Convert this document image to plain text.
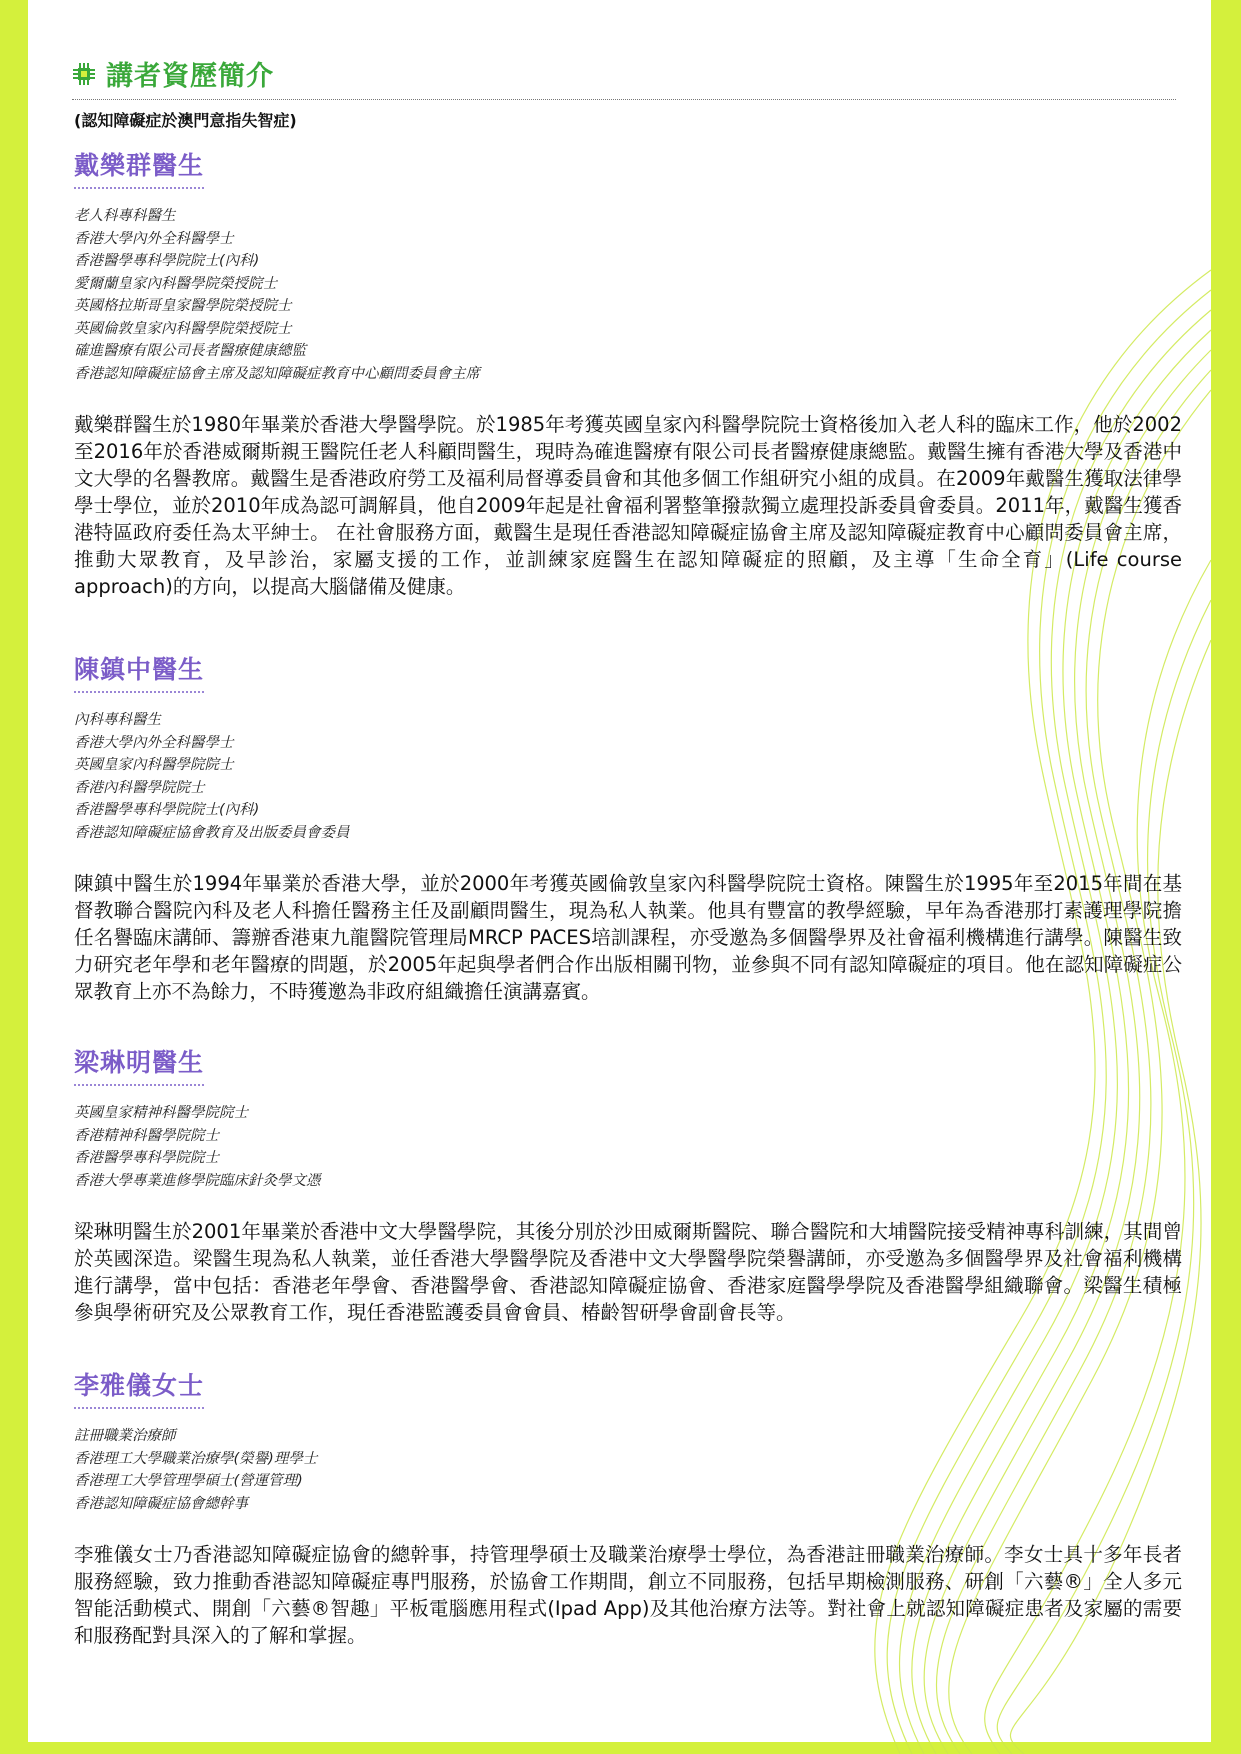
講者資歷簡介
(認知障礙症於澳門意指失智症)
戴樂群醫生
老人科專科醫生
香港大學內外全科醫學士
香港醫學專科學院院士(內科)
愛爾蘭皇家內科醫學院榮授院士
英國格拉斯哥皇家醫學院榮授院士
英國倫敦皇家內科醫學院榮授院士
確進醫療有限公司長者醫療健康總監
香港認知障礙症協會主席及認知障礙症教育中心顧問委員會主席
戴樂群醫生於1980年畢業於香港大學醫學院。於1985年考獲英國皇家內科醫學院院士資格後加入老人科的臨床工作，他於2002至2016年於香港威爾斯親王醫院任老人科顧問醫生，現時為確進醫療有限公司長者醫療健康總監。戴醫生擁有香港大學及香港中文大學的名譽教席。戴醫生是香港政府勞工及福利局督導委員會和其他多個工作組研究小組的成員。在2009年戴醫生獲取法律學學士學位，並於2010年成為認可調解員，他自2009年起是社會福利署整筆撥款獨立處理投訴委員會委員。2011年，戴醫生獲香港特區政府委任為太平紳士。 在社會服務方面，戴醫生是現任香港認知障礙症協會主席及認知障礙症教育中心顧問委員會主席，推動大眾教育，及早診治，家屬支援的工作，並訓練家庭醫生在認知障礙症的照顧，及主導「生命全育」(Life course approach)的方向，以提高大腦儲備及健康。
陳鎮中醫生
內科專科醫生
香港大學內外全科醫學士
英國皇家內科醫學院院士
香港內科醫學院院士
香港醫學專科學院院士(內科)
香港認知障礙症協會教育及出版委員會委員
陳鎮中醫生於1994年畢業於香港大學，並於2000年考獲英國倫敦皇家內科醫學院院士資格。陳醫生於1995年至2015年間在基督教聯合醫院內科及老人科擔任醫務主任及副顧問醫生，現為私人執業。他具有豐富的教學經驗，早年為香港那打素護理學院擔任名譽臨床講師、籌辦香港東九龍醫院管理局MRCP PACES培訓課程，亦受邀為多個醫學界及社會福利機構進行講學。陳醫生致力研究老年學和老年醫療的問題，於2005年起與學者們合作出版相關刊物，並參與不同有認知障礙症的項目。他在認知障礙症公眾教育上亦不為餘力，不時獲邀為非政府組織擔任演講嘉賓。
梁琳明醫生
英國皇家精神科醫學院院士
香港精神科醫學院院士
香港醫學專科學院院士
香港大學專業進修學院臨床針灸學文憑
梁琳明醫生於2001年畢業於香港中文大學醫學院，其後分別於沙田威爾斯醫院、聯合醫院和大埔醫院接受精神專科訓練，其間曾於英國深造。梁醫生現為私人執業，並任香港大學醫學院及香港中文大學醫學院榮譽講師，亦受邀為多個醫學界及社會福利機構進行講學，當中包括：香港老年學會、香港醫學會、香港認知障礙症協會、香港家庭醫學學院及香港醫學組織聯會。梁醫生積極參與學術研究及公眾教育工作，現任香港監護委員會會員、椿齡智研學會副會長等。
李雅儀女士
註冊職業治療師
香港理工大學職業治療學(榮譽)理學士
香港理工大學管理學碩士(營運管理)
香港認知障礙症協會總幹事
李雅儀女士乃香港認知障礙症協會的總幹事，持管理學碩士及職業治療學士學位，為香港註冊職業治療師。李女士具十多年長者服務經驗，致力推動香港認知障礙症專門服務，於協會工作期間，創立不同服務，包括早期檢測服務、研創「六藝®」全人多元智能活動模式、開創「六藝®智趣」平板電腦應用程式(Ipad App)及其他治療方法等。對社會上就認知障礙症患者及家屬的需要和服務配對具深入的了解和掌握。
